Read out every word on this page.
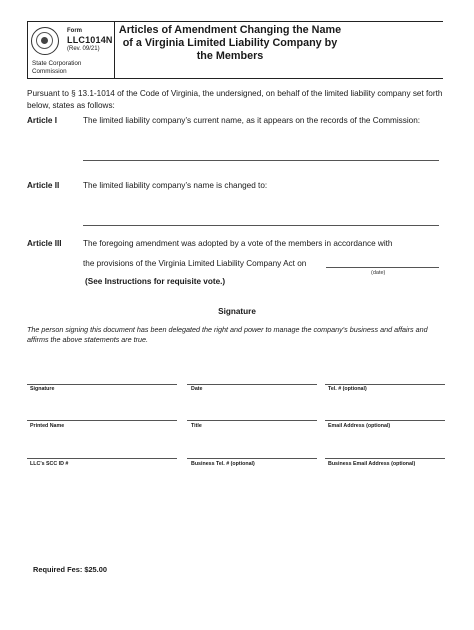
Form
LLC1014N
(Rev. 09/21)
State Corporation Commission
Articles of Amendment Changing the Name of a Virginia Limited Liability Company by the Members
Pursuant to § 13.1-1014 of the Code of Virginia, the undersigned, on behalf of the limited liability company set forth below, states as follows:
Article I	The limited liability company’s current name, as it appears on the records of the Commission:
Article II	The limited liability company’s name is changed to:
Article III	The foregoing amendment was adopted by a vote of the members in accordance with
the provisions of the Virginia Limited Liability Company Act on
(date)
(See Instructions for requisite vote.)
Signature
The person signing this document has been delegated the right and power to manage the company’s business and affairs and affirms the above statements are true.
Signature	Date	Tel. # (optional)
Printed Name	Title	Email Address (optional)
LLC’s SCC ID #	Business Tel. # (optional)	Business Email Address (optional)
Required Fes: $25.00
